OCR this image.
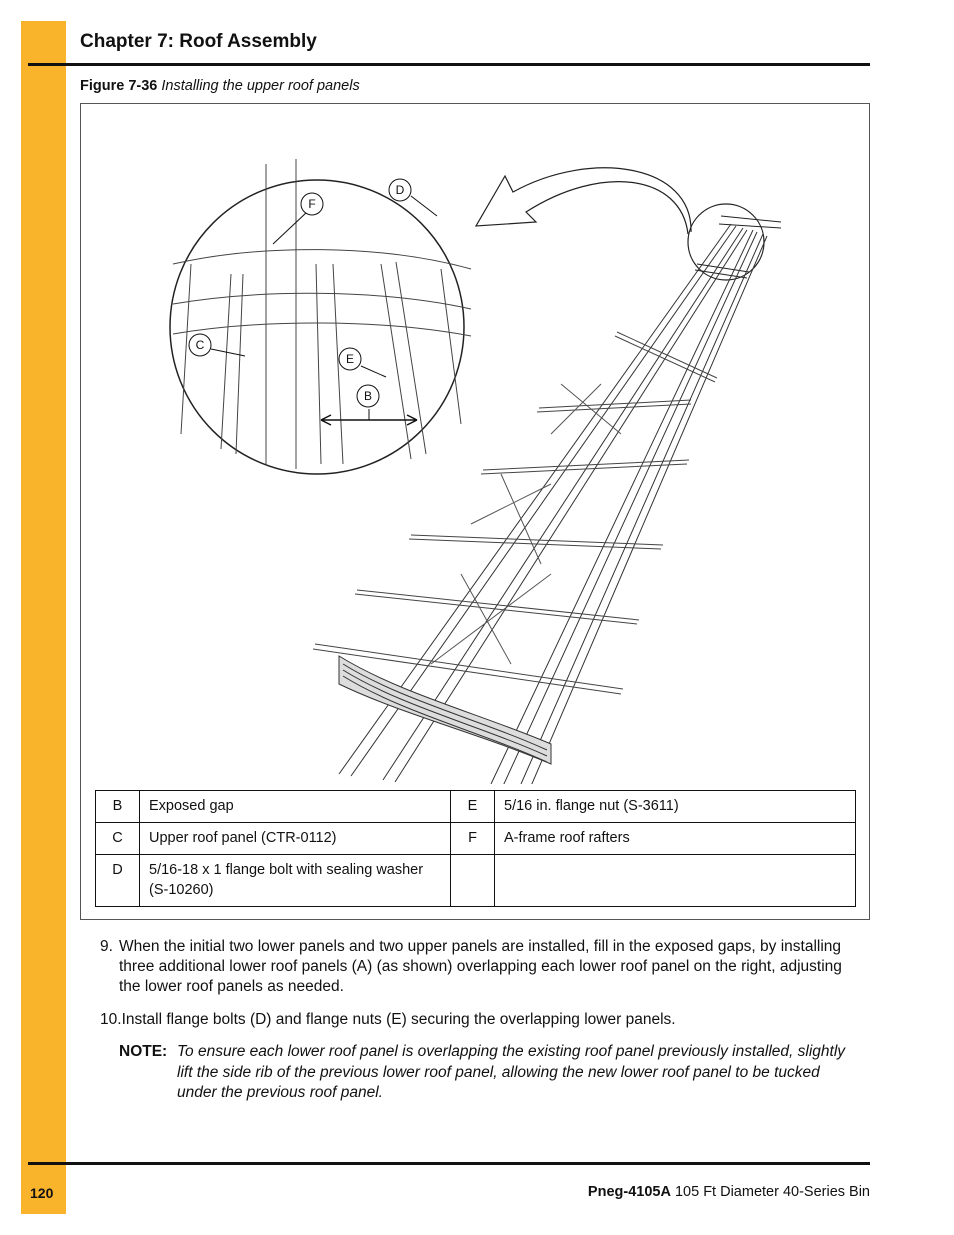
Chapter 7: Roof Assembly
Figure 7-36 Installing the upper roof panels
F
D
C
E
B
B	Exposed gap	E	5/16 in. flange nut (S-3611)
C	Upper roof panel (CTR-0112)	F	A-frame roof rafters
D	5/16-18 x 1 flange bolt with sealing washer (S-10260)		
9. When the initial two lower panels and two upper panels are installed, fill in the exposed gaps, by installing three additional lower roof panels (A) (as shown) overlapping each lower roof panel on the right, adjusting the lower roof panels as needed.
10.Install flange bolts (D) and flange nuts (E) securing the overlapping lower panels.
NOTE: To ensure each lower roof panel is overlapping the existing roof panel previously installed, slightly lift the side rib of the previous lower roof panel, allowing the new lower roof panel to be tucked under the previous roof panel.
120	Pneg-4105A 105 Ft Diameter 40-Series Bin
